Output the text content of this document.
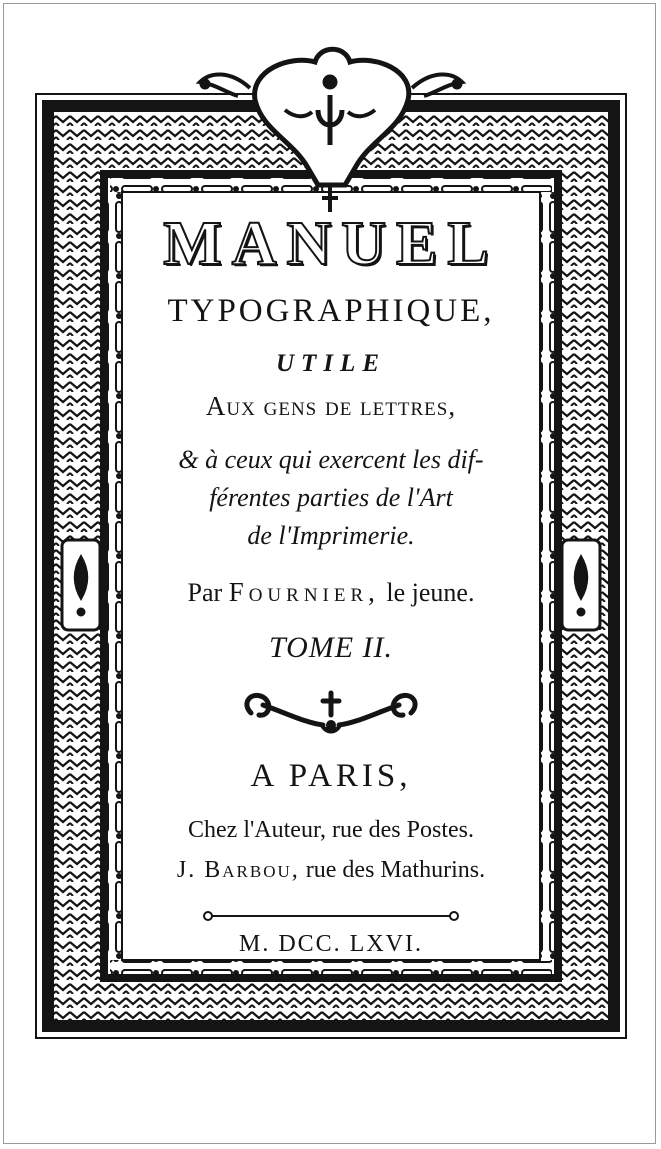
MANUEL
TYPOGRAPHIQUE,
UTILE
Aux gens de lettres,
& à ceux qui exercent les dif-
férentes parties de l'Art
de l'Imprimerie.
Par Fournier, le jeune.
TOME II.
A PARIS,
Chez l'Auteur, rue des Postes.
J. Barbou, rue des Mathurins.
M. DCC. LXVI.
